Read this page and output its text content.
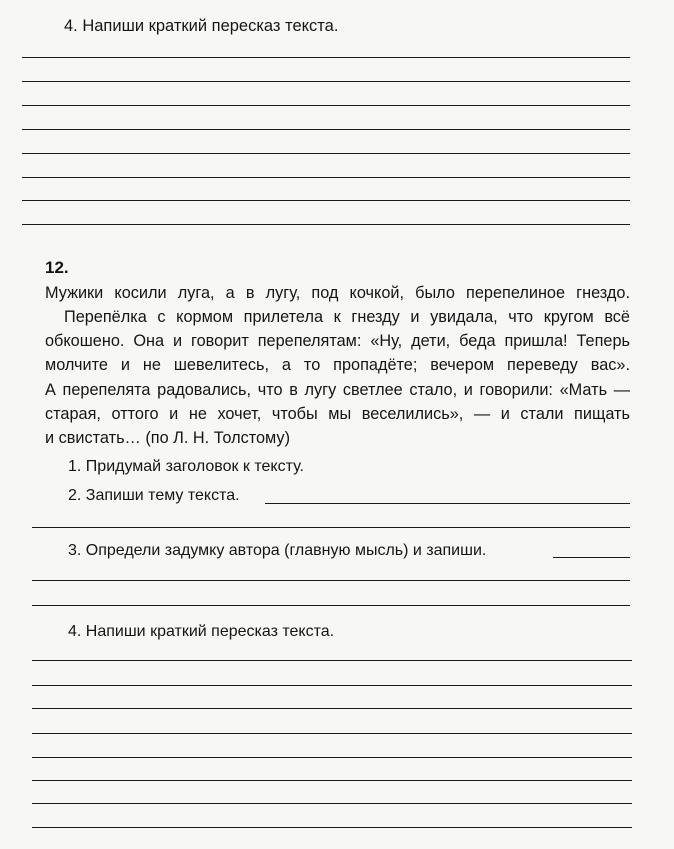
4. Напиши краткий пересказ текста.
12.
Мужики косили луга, а в лугу, под кочкой, было перепелиное гнездо.
Перепёлка с кормом прилетела к гнезду и увидала, что кругом всё
обкошено. Она и говорит перепелятам: «Ну, дети, беда пришла! Теперь
молчите и не шевелитесь, а то пропадёте; вечером переведу вас».
А перепелята радовались, что в лугу светлее стало, и говорили: «Мать —
старая, оттого и не хочет, чтобы мы веселились», — и стали пищать
и свистать… (по Л. Н. Толстому)
1. Придумай заголовок к тексту.
2. Запиши тему текста.
3. Определи задумку автора (главную мысль) и запиши.
4. Напиши краткий пересказ текста.
